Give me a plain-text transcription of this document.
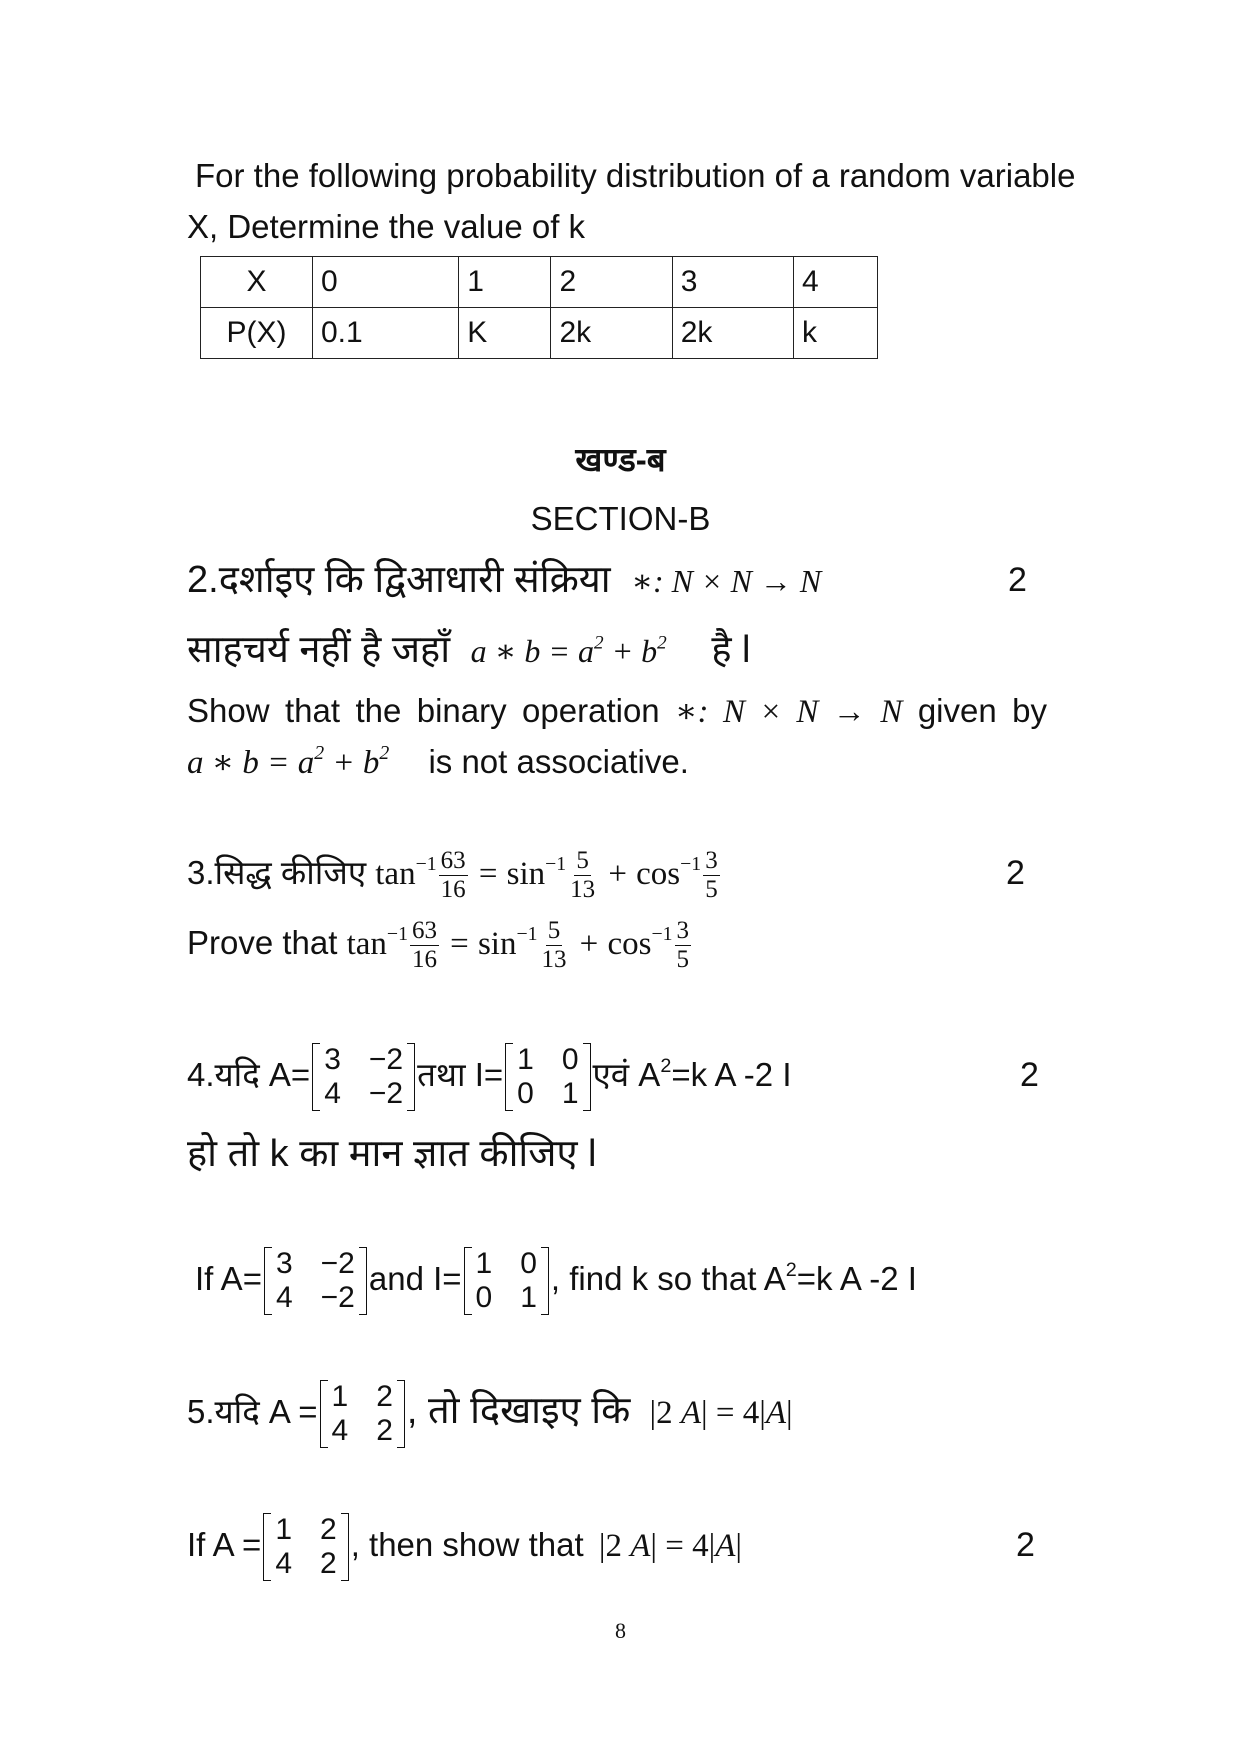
For the following probability distribution of a random variable
X, Determine the value of k
X	0	1	2	3	4
P(X)	0.1	K	2k	2k	k
खण्ड-ब
SECTION-B
2.दर्शाइए कि द्विआधारी संक्रिया ∗: N × N → N	2
साहचर्य नहीं है जहाँ a ∗ $b = a^2 + b^2$ है l
Show that the binary operation ∗: N × N → N given by
a ∗ $b = a^2 + b^2$ is not associative.
3.सिद्ध कीजिए $\tan^{-1} \frac{63}{16} = \sin^{-1} \frac{5}{13} + \cos^{-1} \frac{3}{5}$	2
Prove that $\tan^{-1} \frac{63}{16} = \sin^{-1} \frac{5}{13} + \cos^{-1} \frac{3}{5}$
4.यदि A= 3 −2
4 −2
तथा I= 1 0
0 1
एवं $A^2=k$ A -2 I	2
हो तो k का मान ज्ञात कीजिए l
If A= 3 −2
4 −2
and I= 1 0
0 1
, find k so that $A^2=k$ A -2 I
5.यदि A = 1 2
4 2 , तो दिखाइए कि |2 A| = 4|A|
If A = 1 2
4 2
, then show that |2 A| = 4|A|	2
8
